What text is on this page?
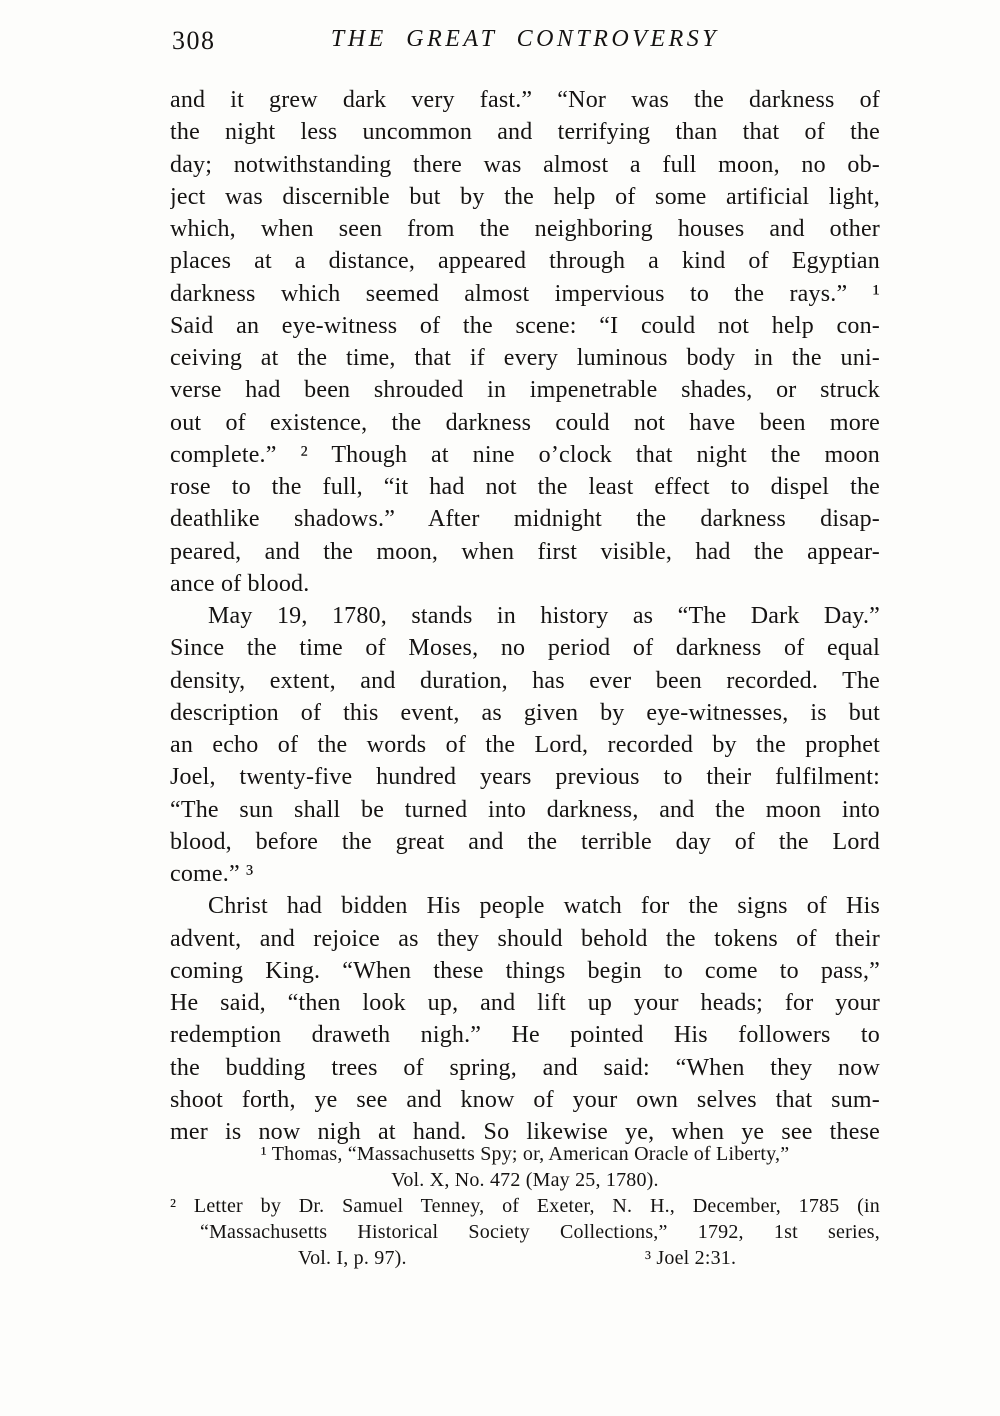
308	THE GREAT CONTROVERSY
and it grew dark very fast.” “Nor was the darkness of
the night less uncommon and terrifying than that of the
day; notwithstanding there was almost a full moon, no ob-
ject was discernible but by the help of some artificial light,
which, when seen from the neighboring houses and other
places at a distance, appeared through a kind of Egyptian
darkness which seemed almost impervious to the rays.” ¹
Said an eye-witness of the scene: “I could not help con-
ceiving at the time, that if every luminous body in the uni-
verse had been shrouded in impenetrable shades, or struck
out of existence, the darkness could not have been more
complete.” ² Though at nine o’clock that night the moon
rose to the full, “it had not the least effect to dispel the
deathlike shadows.” After midnight the darkness disap-
peared, and the moon, when first visible, had the appear-
ance of blood.
May 19, 1780, stands in history as “The Dark Day.”
Since the time of Moses, no period of darkness of equal
density, extent, and duration, has ever been recorded. The
description of this event, as given by eye-witnesses, is but
an echo of the words of the Lord, recorded by the prophet
Joel, twenty-five hundred years previous to their fulfilment:
“The sun shall be turned into darkness, and the moon into
blood, before the great and the terrible day of the Lord
come.” ³
Christ had bidden His people watch for the signs of His
advent, and rejoice as they should behold the tokens of their
coming King. “When these things begin to come to pass,”
He said, “then look up, and lift up your heads; for your
redemption draweth nigh.” He pointed His followers to
the budding trees of spring, and said: “When they now
shoot forth, ye see and know of your own selves that sum-
mer is now nigh at hand. So likewise ye, when ye see these
¹ Thomas, “Massachusetts Spy; or, American Oracle of Liberty,”
Vol. X, No. 472 (May 25, 1780).
² Letter by Dr. Samuel Tenney, of Exeter, N. H., December, 1785 (in
“Massachusetts Historical Society Collections,” 1792, 1st series,
Vol. I, p. 97).	³ Joel 2:31.
